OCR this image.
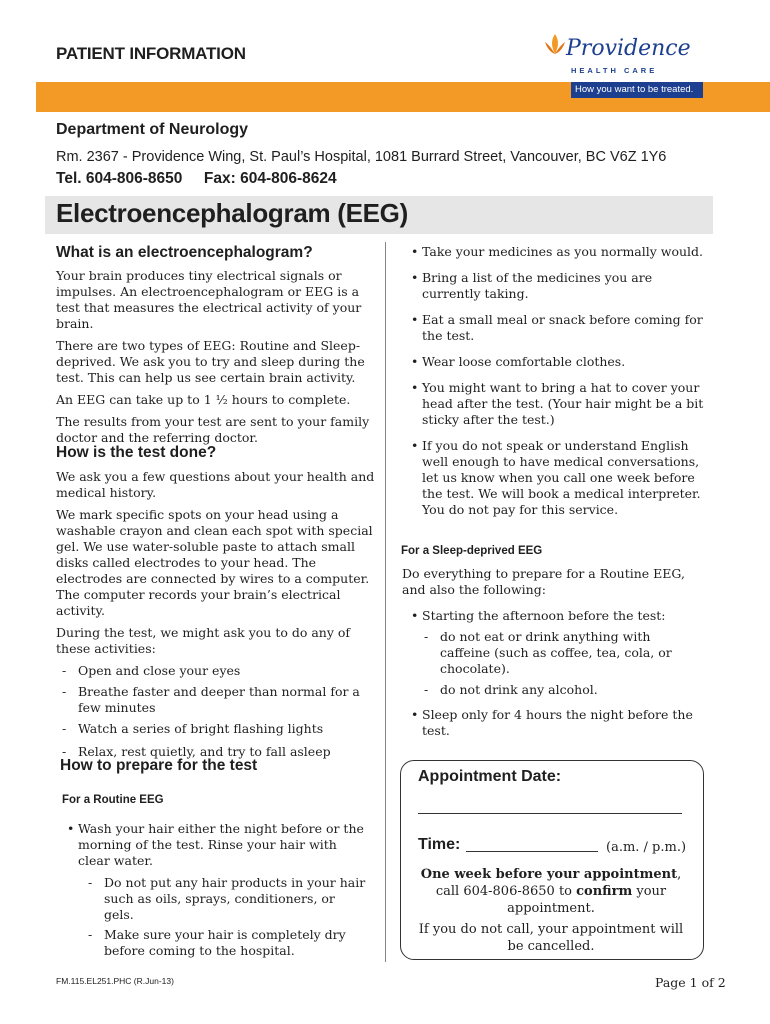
PATIENT INFORMATION	Providence
HEALTH CARE
How you want to be treated.
Department of Neurology
Rm. 2367 - Providence Wing, St. Paul’s Hospital, 1081 Burrard Street, Vancouver, BC V6Z 1Y6
Tel. 604-806-8650     Fax: 604-806-8624
Electroencephalogram (EEG)
What is an electroencephalogram?

Your brain produces tiny electrical signals or impulses. An electroencephalogram or EEG is a test that measures the electrical activity of your brain.

There are two types of EEG: Routine and Sleep-deprived. We ask you to try and sleep during the test. This can help us see certain brain activity.

An EEG can take up to 1 ½ hours to complete.

The results from your test are sent to your family doctor and the referring doctor.

How is the test done?

We ask you a few questions about your health and medical history.

We mark specific spots on your head using a washable crayon and clean each spot with special gel. We use water-soluble paste to attach small disks called electrodes to your head. The electrodes are connected by wires to a computer. The computer records your brain’s electrical activity.

During the test, we might ask you to do any of these activities:

- Open and close your eyes
- Breathe faster and deeper than normal for a few minutes
- Watch a series of bright flashing lights
- Relax, rest quietly, and try to fall asleep
How to prepare for the test
For a Routine EEG
• Wash your hair either the night before or the morning of the test. Rinse your hair with clear water.
- Do not put any hair products in your hair such as oils, sprays, conditioners, or gels.
- Make sure your hair is completely dry before coming to the hospital.
• Take your medicines as you normally would.
• Bring a list of the medicines you are currently taking.
• Eat a small meal or snack before coming for the test.
• Wear loose comfortable clothes.
• You might want to bring a hat to cover your head after the test. (Your hair might be a bit sticky after the test.)
• If you do not speak or understand English well enough to have medical conversations, let us know when you call one week before the test. We will book a medical interpreter. You do not pay for this service.
For a Sleep-deprived EEG
Do everything to prepare for a Routine EEG, and also the following:
• Starting the afternoon before the test:
- do not eat or drink anything with caffeine (such as coffee, tea, cola, or chocolate).
- do not drink any alcohol.
• Sleep only for 4 hours the night before the test.
Appointment Date:
Time:	(a.m. / p.m.)
One week before your appointment,
call 604-806-8650 to confirm your appointment.
If you do not call, your appointment will be cancelled.
FM.115.EL251.PHC (R.Jun-13)	Page 1 of 2
